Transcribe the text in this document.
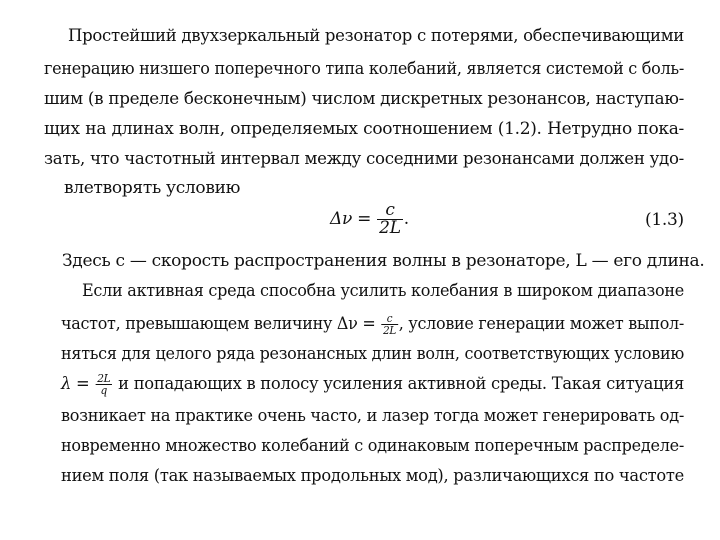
Простейший двухзеркальный резонатор с потерями, обеспечивающими
генерацию низшего поперечного типа колебаний, является системой с боль-
шим (в пределе бесконечным) числом дискретных резонансов, наступаю-
щих на длинах волн, определяемых соотношением (1.2). Нетрудно пока-
зать, что частотный интервал между соседними резонансами должен удо-
влетворять условию
$\Delta\nu = \frac{c}{2L}$ .	(1.3)
Здесь c — скорость распространения волны в резонаторе, L — его длина.
Если активная среда способна усилить колебания в широком диапазоне
частот, превышающем величину $\Delta\nu = \frac{c}{2L}$ , условие генерации может выпол-
няться для целого ряда резонансных длин волн, соответствующих условию
$\lambda = \frac{2L}{q}$ и попадающих в полосу усиления активной среды. Такая ситуация
возникает на практике очень часто, и лазер тогда может генерировать од-
новременно множество колебаний с одинаковым поперечным распределе-
нием поля (так называемых продольных мод), различающихся по частоте
